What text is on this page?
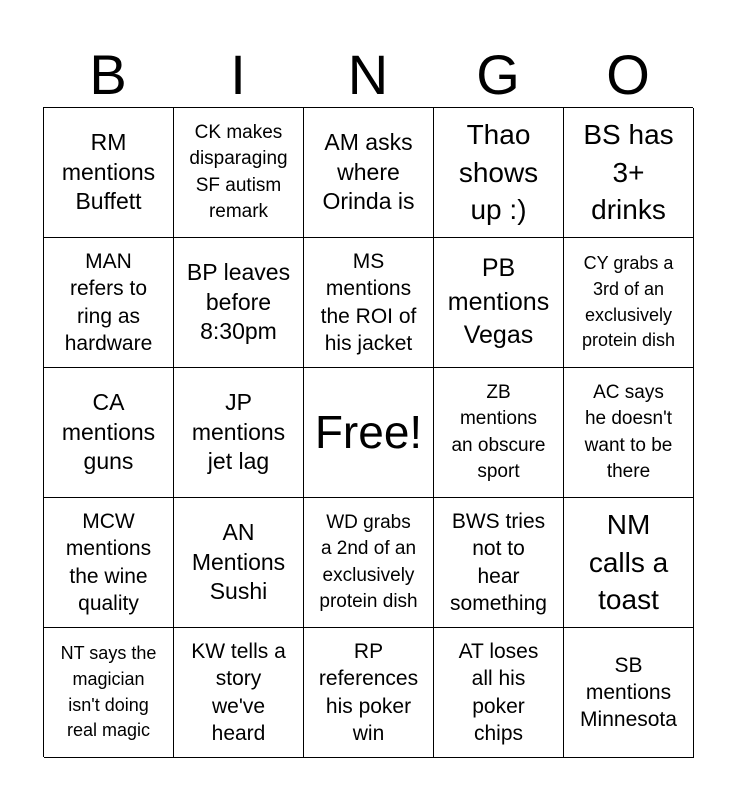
B	I	N	G	O
RM
mentions
Buffett
CK makes
disparaging
SF autism
remark
AM asks
where
Orinda is
Thao
shows
up :)
BS has
3+
drinks
MAN
refers to
ring as
hardware
BP leaves
before
8:30pm
MS
mentions
the ROI of
his jacket
PB
mentions
Vegas
CY grabs a
3rd of an
exclusively
protein dish
CA
mentions
guns
JP
mentions
jet lag
Free!
ZB
mentions
an obscure
sport
AC says
he doesn't
want to be
there
MCW
mentions
the wine
quality
AN
Mentions
Sushi
WD grabs
a 2nd of an
exclusively
protein dish
BWS tries
not to
hear
something
NM
calls a
toast
NT says the
magician
isn't doing
real magic
KW tells a
story
we've
heard
RP
references
his poker
win
AT loses
all his
poker
chips
SB
mentions
Minnesota
